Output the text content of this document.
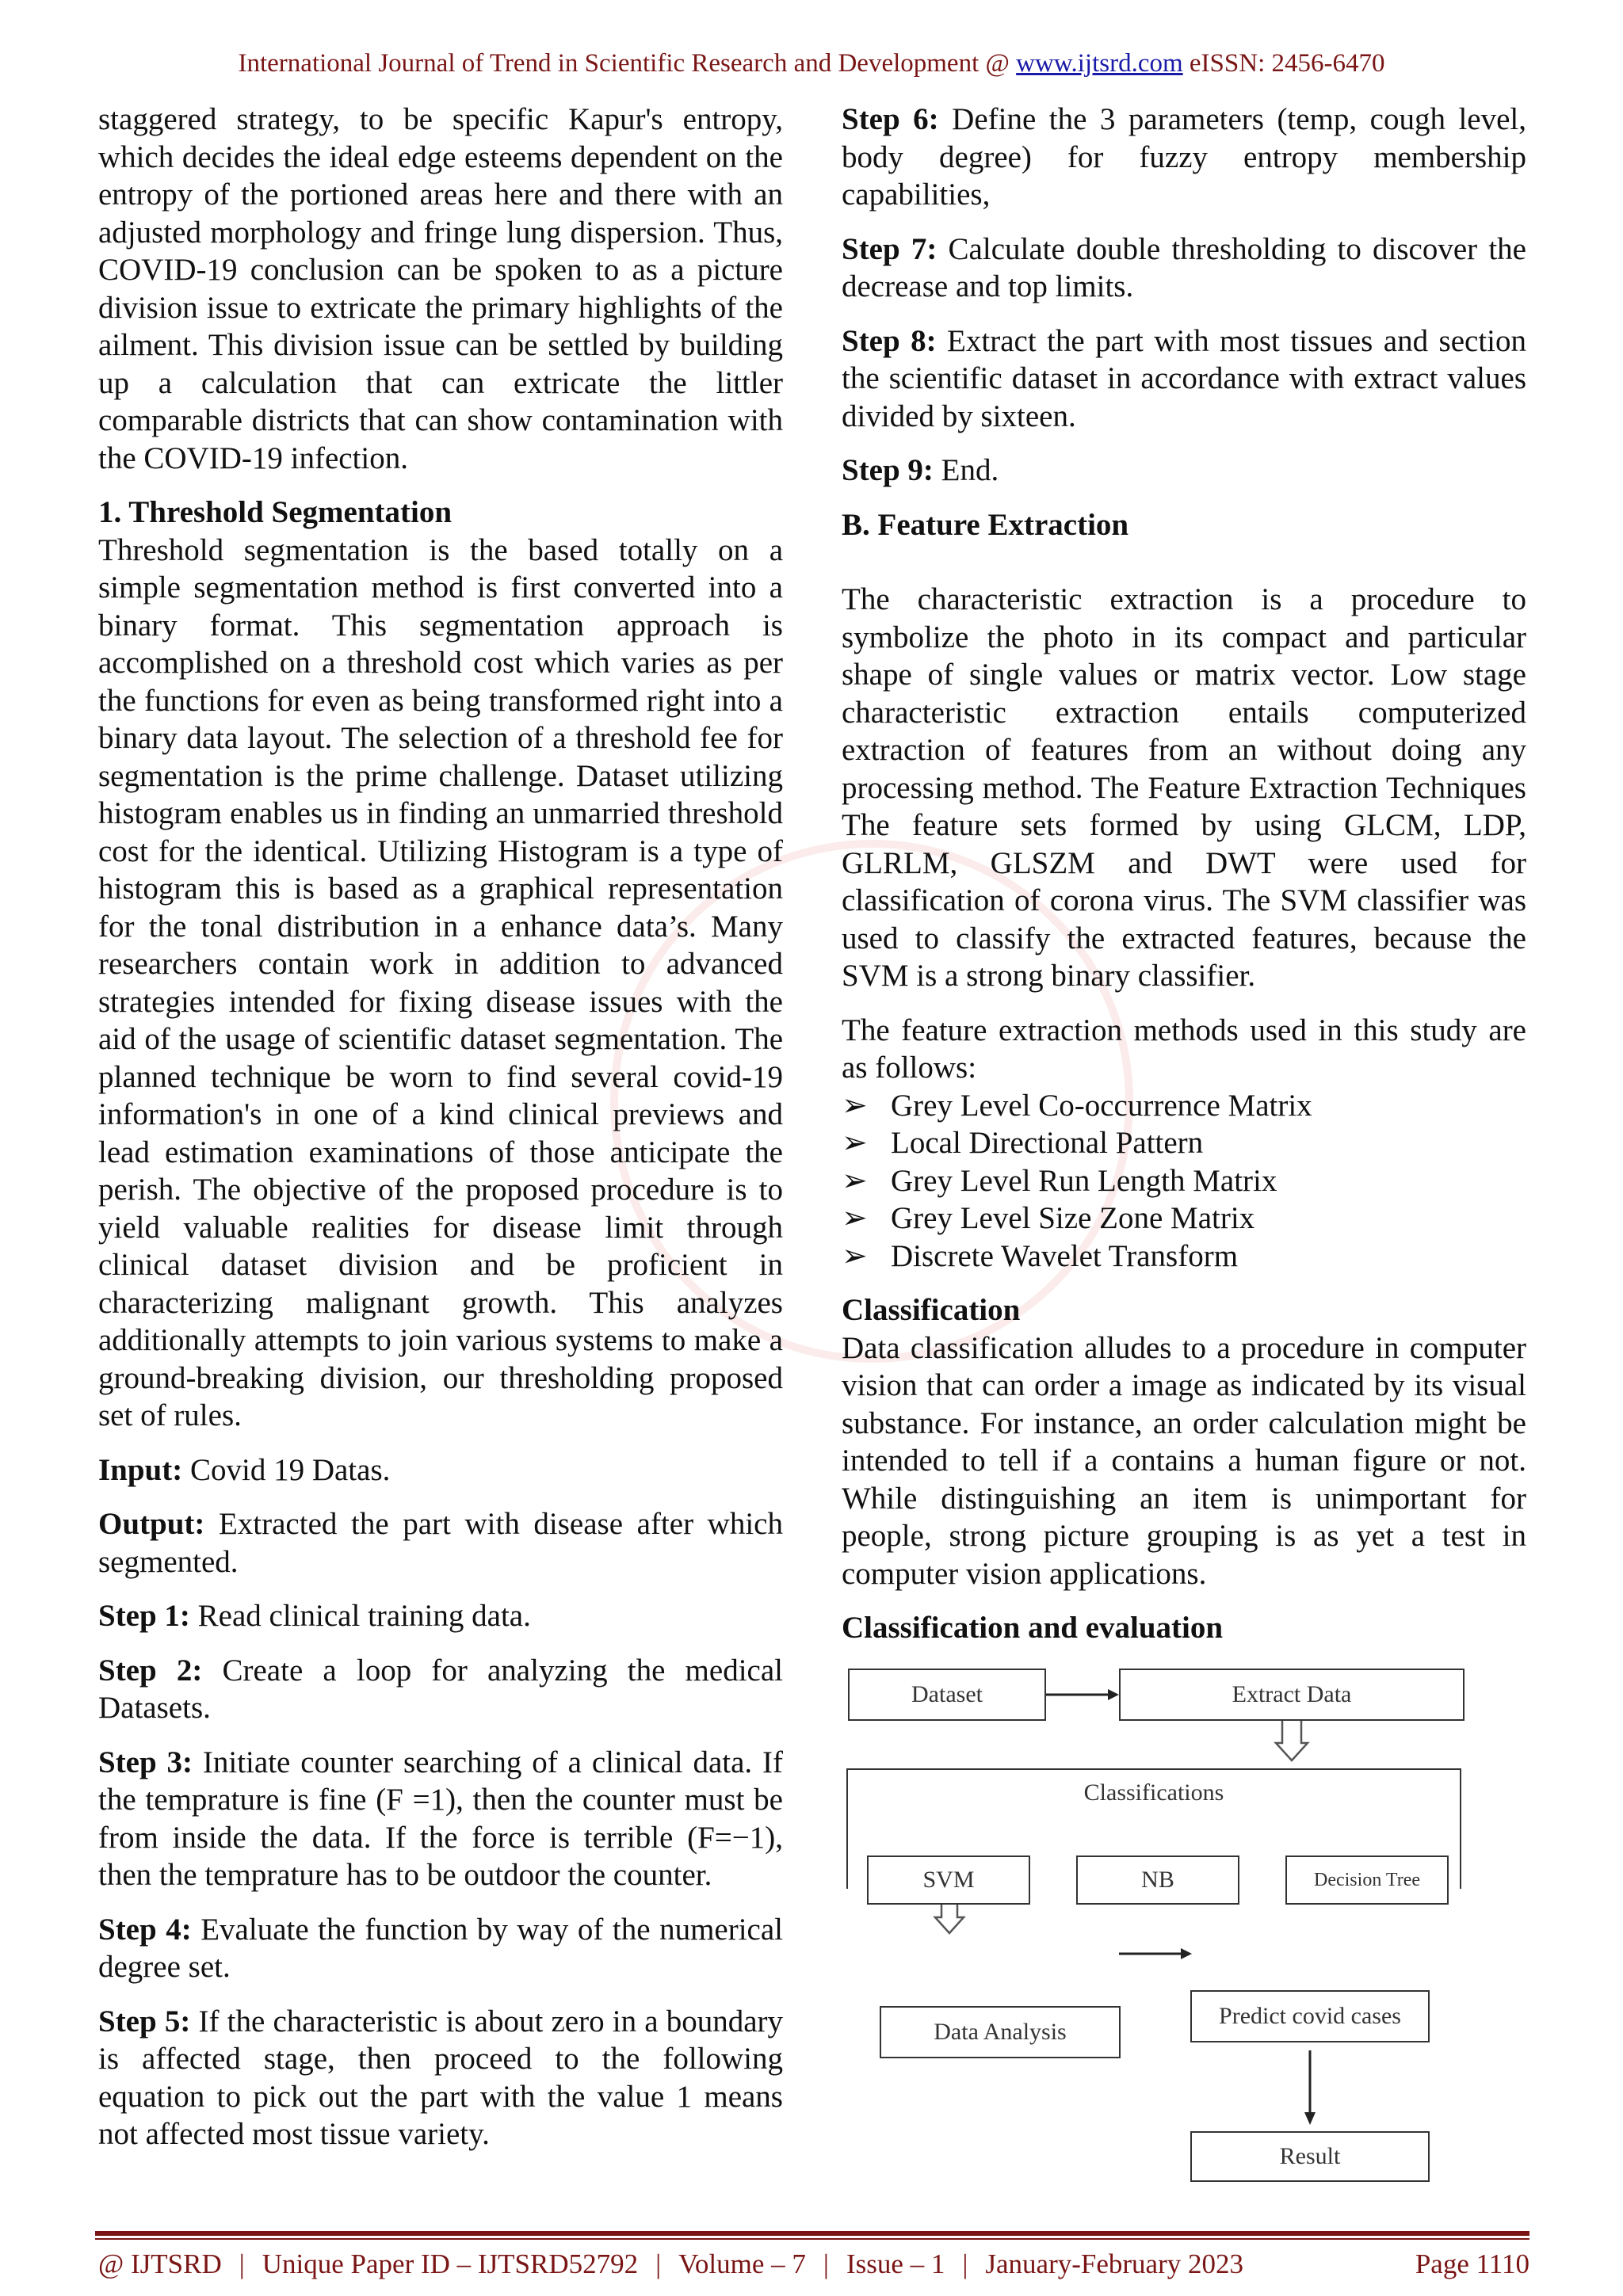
International Journal of Trend in Scientific Research and Development @ www.ijtsrd.com eISSN: 2456-6470

staggered strategy, to be specific Kapur's entropy, which decides the ideal edge esteems dependent on the entropy of the portioned areas here and there with an adjusted morphology and fringe lung dispersion. Thus, COVID-19 conclusion can be spoken to as a picture division issue to extricate the primary highlights of the ailment. This division issue can be settled by building up a calculation that can extricate the littler comparable districts that can show contamination with the COVID-19 infection.

1. Threshold Segmentation

Threshold segmentation is the based totally on a simple segmentation method is first converted into a binary format. This segmentation approach is accomplished on a threshold cost which varies as per the functions for even as being transformed right into a binary data layout. The selection of a threshold fee for segmentation is the prime challenge. Dataset utilizing histogram enables us in finding an unmarried threshold cost for the identical. Utilizing Histogram is a type of histogram this is based as a graphical representation for the tonal distribution in a enhance data’s. Many researchers contain work in addition to advanced strategies intended for fixing disease issues with the aid of the usage of scientific dataset segmentation. The planned technique be worn to find several covid-19 information's in one of a kind clinical previews and lead estimation examinations of those anticipate the perish. The objective of the proposed procedure is to yield valuable realities for disease limit through clinical dataset division and be proficient in characterizing malignant growth. This analyzes additionally attempts to join various systems to make a ground-breaking division, our thresholding proposed set of rules.

Input: Covid 19 Datas.

Output: Extracted the part with disease after which segmented.

Step 1: Read clinical training data.

Step 2: Create a loop for analyzing the medical Datasets.

Step 3: Initiate counter searching of a clinical data. If the temprature is fine (F =1), then the counter must be from inside the data. If the force is terrible (F=−1), then the temprature has to be outdoor the counter.

Step 4: Evaluate the function by way of the numerical degree set.

Step 5: If the characteristic is about zero in a boundary is affected stage, then proceed to the following equation to pick out the part with the value 1 means not affected most tissue variety.

Step 6: Define the 3 parameters (temp, cough level, body degree) for fuzzy entropy membership capabilities,

Step 7: Calculate double thresholding to discover the decrease and top limits.

Step 8: Extract the part with most tissues and section the scientific dataset in accordance with extract values divided by sixteen.

Step 9: End.

B. Feature Extraction

The characteristic extraction is a procedure to symbolize the photo in its compact and particular shape of single values or matrix vector. Low stage characteristic extraction entails computerized extraction of features from an without doing any processing method. The Feature Extraction Techniques The feature sets formed by using GLCM, LDP, GLRLM, GLSZM and DWT were used for classification of corona virus. The SVM classifier was used to classify the extracted features, because the SVM is a strong binary classifier.

The feature extraction methods used in this study are as follows:

➢ Grey Level Co-occurrence Matrix
➢ Local Directional Pattern
➢ Grey Level Run Length Matrix
➢ Grey Level Size Zone Matrix
➢ Discrete Wavelet Transform

Classification

Data classification alludes to a procedure in computer vision that can order a image as indicated by its visual substance. For instance, an order calculation might be intended to tell if a contains a human figure or not. While distinguishing an item is unimportant for people, strong picture grouping is as yet a test in computer vision applications.

Classification and evaluation

Dataset	Extract Data
Classifications
SVM	NB	Decision Tree
Data Analysis
Predict covid cases
Result
@ IJTSRD | Unique Paper ID – IJTSRD52792 | Volume – 7 | Issue – 1 | January-February 2023	Page 1110
